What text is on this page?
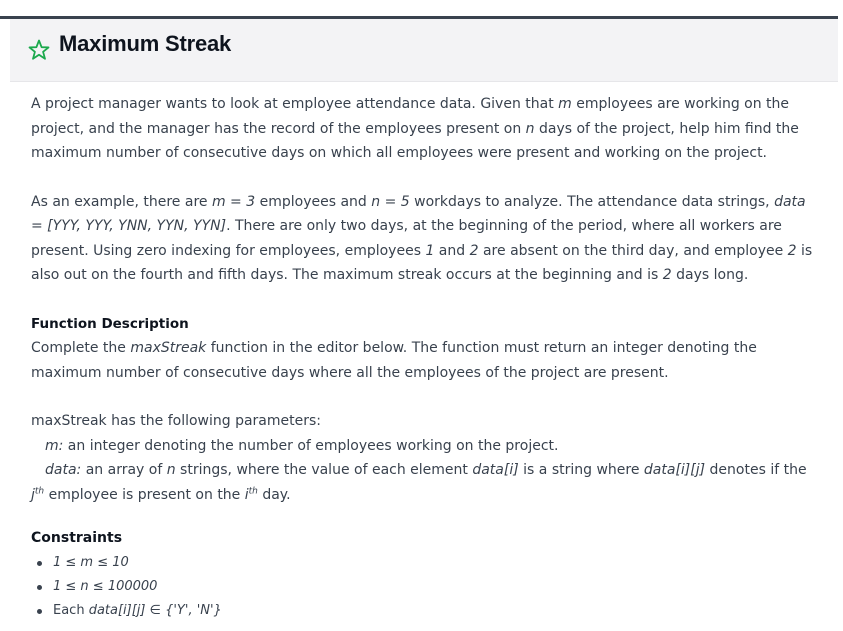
Maximum Streak

A project manager wants to look at employee attendance data. Given that m employees are working on the project, and the manager has the record of the employees present on n days of the project, help him find the maximum number of consecutive days on which all employees were present and working on the project.

As an example, there are m = 3 employees and n = 5 workdays to analyze. The attendance data strings, data = [YYY, YYY, YNN, YYN, YYN]. There are only two days, at the beginning of the period, where all workers are present. Using zero indexing for employees, employees 1 and 2 are absent on the third day, and employee 2 is also out on the fourth and fifth days. The maximum streak occurs at the beginning and is 2 days long.

Function Description

Complete the maxStreak function in the editor below. The function must return an integer denoting the maximum number of consecutive days where all the employees of the project are present.

maxStreak has the following parameters:

m: an integer denoting the number of employees working on the project.

data: an array of n strings, where the value of each element data[i] is a string where data[i][j] denotes if the $j^{th}$ employee is present on the $i^{th}$ day.

Constraints

1 ≤ m ≤ 10
1 ≤ n ≤ 100000
Each data[i][j] ∈ {'Y', 'N'}
